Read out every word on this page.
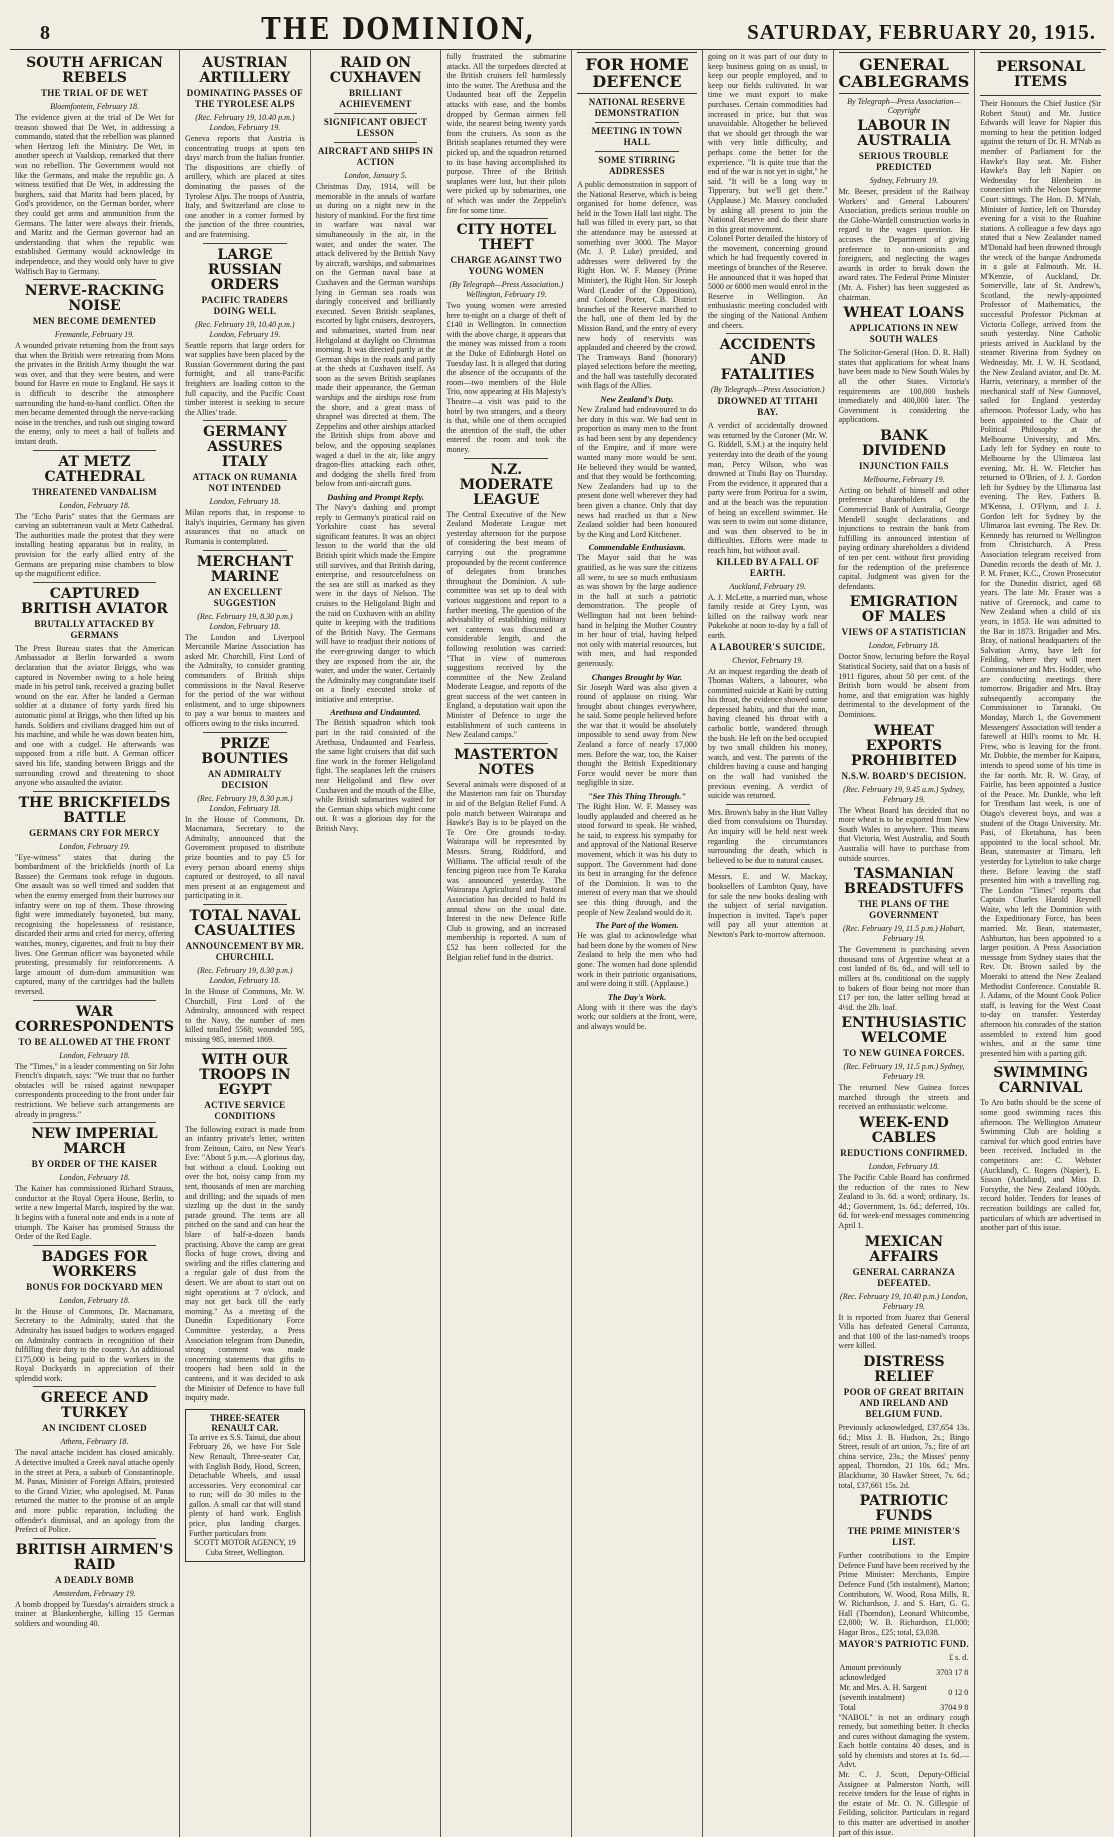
8	THE DOMINION,	SATURDAY, FEBRUARY 20, 1915.
SOUTH AFRICAN REBELS
THE TRIAL OF DE WET
Bloemfontein, February 18.

The evidence given at the trial of De Wet for treason showed that De Wet, in addressing a commando, stated that the rebellion was planned when Hertzog left the Ministry. De Wet, in another speech at Vaalskop, remarked that there was no rebellion. The Government would not like the Germans, and make the republic go. A witness testified that De Wet, in addressing the burghers, said that Maritz had been placed, by God's providence, on the German border, where they could get arms and ammunition from the Germans. The latter were always their friends, and Maritz and the German governor had an understanding that when the republic was established Germany would acknowledge its independence, and they would only have to give Walfisch Bay to Germany.

NERVE-RACKING NOISE
MEN BECOME DEMENTED
Fremantle, February 19.

A wounded private returning from the front says that when the British were retreating from Mons the privates in the British Army thought the war was over, and that they were beaten, and were bound for Havre en route to England. He says it is difficult to describe the atmosphere surrounding the hand-to-hand conflict. Often the men became demented through the nerve-racking noise in the trenches, and rush out singing toward the enemy, only to meet a hail of bullets and instant death.

AT METZ CATHEDRAL
THREATENED VANDALISM
London, February 18.

The "Echo Paris" states that the Germans are carving an subterranean vault at Metz Cathedral. The authorities made the protest that they were installing heating apparatus but in reality, in provision for the early allied entry of the Germans are preparing mine chambers to blow up the magnificent edifice.

CAPTURED BRITISH AVIATOR
BRUTALLY ATTACKED BY GERMANS

The Press Bureau states that the American Ambassador at Berlin forwarded a sworn declaration that the aviator Briggs, who was captured in November owing to a hole being made in his petrol tank, received a grazing bullet wound on the ear. After he landed a German soldier at a distance of forty yards fired his automatic pistol at Briggs, who then lifted up his hands. Soldiers and civilians dragged him out of his machine, and while he was down beaten him, and one with a cudgel. He afterwards was supposed from a rifle butt. A German officer saved his life, standing between Briggs and the surrounding crowd and threatening to shoot anyone who assaulted the aviator.

THE BRICKFIELDS BATTLE
GERMANS CRY FOR MERCY
London, February 19.

"Eye-witness" states that during the bombardment of the brickfields (north of La Bassee) the Germans took refuge in dugouts. One assault was so well timed and sudden that when the enemy emerged from their burrows our infantry were on top of them. Those throwing fight were immediately bayoneted, but many, recognising the hopelessness of resistance, discarded their arms and cried for mercy, offering watches, money, cigarettes, and fruit to buy their lives. One German officer was bayoneted while protesting, presumably for reinforcements. A large amount of dum-dum ammunition was captured, many of the cartridges had the bullets reversed.

WAR CORRESPONDENTS
TO BE ALLOWED AT THE FRONT
London, February 18.

The "Times," in a leader commenting on Sir John French's dispatch, says: "We trust that no further obstacles will be raised against newspaper correspondents proceeding to the front under fair restrictions. We believe such arrangements are already in progress."

NEW IMPERIAL MARCH
BY ORDER OF THE KAISER
London, February 18.

The Kaiser has commissioned Richard Strauss, conductor at the Royal Opera House, Berlin, to write a new Imperial March, inspired by the war. It begins with a funeral note and ends in a note of triumph. The Kaiser has promised Strauss the Order of the Red Eagle.

BADGES FOR WORKERS
BONUS FOR DOCKYARD MEN
London, February 18.

In the House of Commons, Dr. Macnamara, Secretary to the Admiralty, stated that the Admiralty has issued badges to workers engaged on Admiralty contracts in recognition of their fulfilling their duty to the country. An additional £175,000 is being paid to the workers in the Royal Dockyards in appreciation of their splendid work.

GREECE AND TURKEY
AN INCIDENT CLOSED
Athens, February 18.

The naval attache incident has closed amicably. A detective insulted a Greek naval attache openly in the street at Pera, a suburb of Constantinople. M. Panas, Minister of Foreign Affairs, protested to the Grand Vizier, who apologised. M. Panas returned the matter to the promise of an ample and more public reparation, including the offender's dismissal, and an apology from the Prefect of Police.

BRITISH AIRMEN'S RAID
A DEADLY BOMB
Amsterdam, February 19.

A bomb dropped by Tuesday's airraiders struck a trainer at Blankenberghe, killing 15 German soldiers and wounding 40.

AUSTRIAN ARTILLERY
DOMINATING PASSES OF THE TYROLESE ALPS
(Rec. February 19, 10.40 p.m.) London, February 19.

Geneva reports that Austria is concentrating troops at spots ten days' march from the Italian frontier. The dispositions are chiefly of artillery, which are placed at sites dominating the passes of the Tyrolese Alps. The troops of Austria, Italy, and Switzerland are close to one another in a corner formed by the junction of the three countries, and are fraternising.

LARGE RUSSIAN ORDERS
PACIFIC TRADERS DOING WELL
(Rec. February 19, 10.40 p.m.) London, February 19.

Seattle reports that large orders for war supplies have been placed by the Russian Government during the past fortnight, and all trans-Pacific freighters are loading cotton to the full capacity, and the Pacific Coast timber interest is seeking to secure the Allies' trade.

GERMANY ASSURES ITALY
ATTACK ON RUMANIA NOT INTENDED
London, February 18.

Milan reports that, in response to Italy's inquiries, Germany has given assurances that no attack on Rumania is contemplated.

MERCHANT MARINE
AN EXCELLENT SUGGESTION
(Rec. February 19, 8.30 p.m.) London, February 18.

The London and Liverpool Mercantile Marine Association has asked Mr. Churchill, First Lord of the Admiralty, to consider granting commanders of British ships commissions in the Naval Reserve for the period of the war without enlistment, and to urge shipowners to pay a war bonus to masters and officers owing to the risks incurred.

PRIZE BOUNTIES
AN ADMIRALTY DECISION
(Rec. February 19, 8.30 p.m.) London, February 18.

In the House of Commons, Dr. Macnamara, Secretary to the Admiralty, announced that the Government proposed to distribute prize bounties and to pay £5 for every person aboard enemy ships captured or destroyed, to all naval men present at an engagement and participating in it.

TOTAL NAVAL CASUALTIES
ANNOUNCEMENT BY MR. CHURCHILL
(Rec. February 19, 8.30 p.m.) London, February 18.

In the House of Commons, Mr. W. Churchill, First Lord of the Admiralty, announced with respect to the Navy, the number of men killed totalled 5568; wounded 595, missing 985, interned 1869.

WITH OUR TROOPS IN EGYPT
ACTIVE SERVICE CONDITIONS

The following extract is made from an infantry private's letter, written from Zeitoun, Cairo, on New Year's Eve: "About 5 p.m.—A glorious day, but without a cloud. Looking out over the hot, noisy camp from my tent, thousands of men are marching and drilling; and the squads of men sizzling up the dust in the sandy parade ground. The tents are all pitched on the sand and can hear the blare of half-a-dozen bands practising. Above the camp are great flocks of huge crows, diving and swirling and the rifles clattering and a regular gale of dust from the desert. We are about to start out on night operations at 7 o'clock, and may not get back till the early morning." As a meeting of the Dunedin Expeditionary Force Committee yesterday, a Press Association telegram from Dunedin, strong comment was made concerning statements that gifts to troopers had been sold in the canteens, and it was decided to ask the Minister of Defence to have full inquiry made.

THREE-SEATER RENAULT CAR.

To arrive ex S.S. Tainui, due about February 26, we have For Sale New Renault, Three-seater Car, with English Body, Hood, Screen, Detachable Wheels, and usual accessories. Very economical car to run; will do 30 miles to the gallon. A small car that will stand plenty of hard work. English price, plus landing charges. Further particulars from

SCOTT MOTOR AGENCY, 19 Cuba Street, Wellington.
RAID ON CUXHAVEN
BRILLIANT ACHIEVEMENT
SIGNIFICANT OBJECT LESSON
AIRCRAFT AND SHIPS IN ACTION
London, January 5.

Christmas Day, 1914, will be memorable in the annals of warfare as during on a night new in the history of mankind. For the first time in warfare was naval war simultaneously in the air, in the water, and under the water. The attack delivered by the British Navy by aircraft, warships, and submarines on the German naval base at Cuxhaven and the German warships lying in German sea roads was daringly conceived and brilliantly executed. Seven British seaplanes, escorted by light cruisers, destroyers, and submarines, started from near Heligoland at daylight on Christmas morning. It was directed partly at the German ships in the roads and partly at the sheds at Cuxhaven itself. As soon as the seven British seaplanes made their appearance, the German warships and the airships rose from the shore, and a great mass of shrapnel was directed at them. The Zeppelins and other airships attacked the British ships from above and below, and the opposing seaplanes waged a duel in the air, like angry dragon-flies attacking each other, and dodging the shells fired from below from anti-aircraft guns.

Dashing and Prompt Reply.

The Navy's dashing and prompt reply to Germany's piratical raid on Yorkshire coast has several significant features. It was an object lesson to the world that the old British spirit which made the Empire still survives, and that British daring, enterprise, and resourcefulness on the sea are still as marked as they were in the days of Nelson. The cruises to the Heligoland Bight and the raid on Cuxhaven with an ability quite in keeping with the traditions of the British Navy. The Germans will have to readjust their notions of the ever-growing danger to which they are exposed from the air, the water, and under the water. Certainly the Admiralty may congratulate itself on a finely executed stroke of initiative and enterprise.

Arethusa and Undaunted.

The British squadron which took part in the raid consisted of the Arethusa, Undaunted and Fearless, the same light cruisers that did such fine work in the former Heligoland fight. The seaplanes left the cruisers near Heligoland and flew over Cuxhaven and the mouth of the Elbe, while British submarines waited for the German ships which might come out. It was a glorious day for the British Navy.

fully frustrated the submarine attacks. All the torpedoes directed at the British cruisers fell harmlessly into the water. The Arethusa and the Undaunted beat off the Zeppelin attacks with ease, and the bombs dropped by German airmen fell wide, the nearest being twenty yards from the cruisers. As soon as the British seaplanes returned they were picked up, and the squadron returned to its base having accomplished its purpose. Three of the British seaplanes were lost, but their pilots were picked up by submarines, one of which was under the Zeppelin's fire for some time.

CITY HOTEL THEFT
CHARGE AGAINST TWO YOUNG WOMEN
(By Telegraph—Press Association.) Wellington, February 19.

Two young women were arrested here to-night on a charge of theft of £140 in Wellington. In connection with the above charge, it appears that the money was missed from a room at the Duke of Edinburgh Hotel on Tuesday last. It is alleged that during the absence of the occupants of the room—two members of the Hole Trio, now appearing at His Majesty's Theatre—a visit was paid to the hotel by two strangers, and a theory is that, while one of them occupied the attention of the staff, the other entered the room and took the money.

N.Z. MODERATE LEAGUE

The Central Executive of the New Zealand Moderate League met yesterday afternoon for the purpose of considering the best means of carrying out the programme propounded by the recent conference of delegates from branches throughout the Dominion. A sub-committee was set up to deal with various suggestions and report to a further meeting. The question of the advisability of establishing military wet canteens was discussed at considerable length, and the following resolution was carried: "That in view of numerous suggestions received by the committee of the New Zealand Moderate League, and reports of the great success of the wet canteen in England, a deputation wait upon the Minister of Defence to urge the establishment of such canteens in New Zealand camps."

MASTERTON NOTES

Several animals were disposed of at the Masterton ram fair on Thursday in aid of the Belgian Relief Fund. A polo match between Wairarapa and Hawke's Bay is to be played on the Te Ore Ore grounds to-day. Wairarapa will be represented by Messrs. Strang, Riddiford, and Williams. The official result of the fencing pigeon race from Te Karaka was announced yesterday. The Wairarapa Agricultural and Pastoral Association has decided to hold its annual show on the usual date. Interest in the new Defence Rifle Club is growing, and an increased membership is reported. A sum of £52 has been collected for the Belgian relief fund in the district.

FOR HOME DEFENCE
NATIONAL RESERVE DEMONSTRATION
MEETING IN TOWN HALL
SOME STIRRING ADDRESSES

A public demonstration in support of the National Reserve, which is being organised for home defence, was held in the Town Hall last night. The hall was filled in every part, so that the attendance may be assessed at something over 3000. The Mayor (Mr. J. P. Luke) presided, and addresses were delivered by the Right Hon. W. F. Massey (Prime Minister), the Right Hon. Sir Joseph Ward (Leader of the Opposition), and Colonel Porter, C.B. District branches of the Reserve marched to the hall, one of them led by the Mission Band, and the entry of every new body of reservists was applauded and cheered by the crowd. The Tramways Band (honorary) played selections before the meeting, and the hall was tastefully decorated with flags of the Allies.

New Zealand's Duty.

New Zealand had endeavoured to do her duty in this war. We had sent in proportion as many men to the front as had been sent by any dependency of the Empire, and if more were wanted many more would be sent. He believed they would be wanted, and that they would be forthcoming. New Zealanders had up to the present done well wherever they had been given a chance. Only that day news had reached us that a New Zealand soldier had been honoured by the King and Lord Kitchener.

Commendable Enthusiasm.

The Mayor said that he was gratified, as he was sure the citizens all were, to see so much enthusiasm as was shown by the large audience in the hall at such a patriotic demonstration. The people of Wellington had not been behind-hand in helping the Mother Country in her hour of trial, having helped not only with material resources, but with men, and had responded generously.

Changes Brought by War.

Sir Joseph Ward was also given a round of applause on rising. War brought about changes everywhere, he said. Some people believed before the war that it would be absolutely impossible to send away from New Zealand a force of nearly 17,000 men. Before the war, too, the Kaiser thought the British Expeditionary Force would never be more than negligible in size.

"See This Thing Through."

The Right Hon. W. F. Massey was loudly applauded and cheered as he stood forward to speak. He wished, he said, to express his sympathy for and approval of the National Reserve movement, which it was his duty to support. The Government had done its best in arranging for the defence of the Dominion. It was to the interest of every man that we should see this thing through, and the people of New Zealand would do it.

The Part of the Women.

He was glad to acknowledge what had been done by the women of New Zealand to help the men who had gone. The women had done splendid work in their patriotic organisations, and were doing it still. (Applause.)

The Day's Work.

Along with it there was the day's work; our soldiers at the front, were, and always would be.

going on it was part of our duty to keep business going on as usual, to keep our people employed, and to keep our fields cultivated. In war time we must export to make purchases. Certain commodities had increased in price, but that was unavoidable. Altogether he believed that we should get through the war with very little difficulty, and perhaps come the better for the experience. "It is quite true that the end of the war is not yet in sight," he said. "It will be a long way to Tipperary, but we'll get there." (Applause.) Mr. Massey concluded by asking all present to join the National Reserve and do their share in this great movement.

Colonel Porter detailed the history of the movement, concerning ground which he had frequently covered in meetings of branches of the Reserve. He announced that it was hoped that 5000 or 6000 men would enrol in the Reserve in Wellington. An enthusiastic meeting concluded with the singing of the National Anthem and cheers.

ACCIDENTS AND FATALITIES
(By Telegraph—Press Association.)
DROWNED AT TITAHI BAY.

A verdict of accidentally drowned was returned by the Coroner (Mr. W. G. Riddell, S.M.) at the inquiry held yesterday into the death of the young man, Percy Wilson, who was drowned at Titahi Bay on Thursday. From the evidence, it appeared that a party were from Porirua for a swim, and at the beach was the reputation of being an excellent swimmer. He was seen to swim out some distance, and was then observed to be in difficulties. Efforts were made to reach him, but without avail.

KILLED BY A FALL OF EARTH.
Auckland, February 19.

A. J. McLette, a married man, whose family reside at Grey Lynn, was killed on the railway work near Pukekohe at noon to-day by a fall of earth.

A LABOURER'S SUICIDE.
Cheviot, February 19.

At an inquest regarding the death of Thomas Walters, a labourer, who committed suicide at Kaiti by cutting his throat, the evidence showed some depressed habits, and that the man, having cleaned his throat with a carbolic bottle, wandered through the bush. He left on the bed occupied by two small children his money, watch, and vest. The parents of the children having a cause and hanging on the wall had vanished the previous evening. A verdict of suicide was returned.

Mrs. Brown's baby in the Hutt Valley died from convulsions on Thursday. An inquiry will be held next week regarding the circumstances surrounding the death, which is believed to be due to natural causes.

Messrs. E. and W. Mackay, booksellers of Lambton Quay, have for sale the new books dealing with the subject of serial navigation. Inspection is invited. Tape's paper will pay all your attention at Newton's Park to-morrow afternoon.

GENERAL CABLEGRAMS
By Telegraph—Press Association—Copyright
LABOUR IN AUSTRALIA
SERIOUS TROUBLE PREDICTED
Sydney, February 19.

Mr. Beeser, president of the Railway Workers' and General Labourers' Association, predicts serious trouble on the Globe-Wardell construction works in regard to the wages question. He accuses the Department of giving preference to non-unionists and foreigners, and neglecting the wages awards in order to break down the award rates. The Federal Prime Minister (Mr. A. Fisher) has been suggested as chairman.

WHEAT LOANS
APPLICATIONS IN NEW SOUTH WALES

The Solicitor-General (Hon. D. R. Hall) states that applications for wheat loans have been made to New South Wales by all the other States. Victoria's requirements are 100,000 bushels immediately and 400,000 later. The Government is considering the applications.

BANK DIVIDEND
INJUNCTION FAILS
Melbourne, February 19.

Acting on behalf of himself and other preference shareholders of the Commercial Bank of Australia, George Mendell sought declarations and injunctions to restrain the bank from fulfilling its announced intention of paying ordinary shareholders a dividend of ten per cent. without first providing for the redemption of the preference capital. Judgment was given for the defendants.

EMIGRATION OF MALES
VIEWS OF A STATISTICIAN
London, February 18.

Doctor Snow, lecturing before the Royal Statistical Society, said that on a basis of 1911 figures, about 50 per cent. of the British born would be absent from home, and that emigration was highly detrimental to the development of the Dominions.

WHEAT EXPORTS PROHIBITED
N.S.W. BOARD'S DECISION.
(Rec. February 19, 9.45 a.m.) Sydney, February 19.

The Wheat Board has decided that no more wheat is to be exported from New South Wales to anywhere. This means that Victoria, West Australia, and South Australia will have to purchase from outside sources.

TASMANIAN BREADSTUFFS
THE PLANS OF THE GOVERNMENT
(Rec. February 19, 11.5 p.m.) Hobart, February 19.

The Government is purchasing seven thousand tons of Argentine wheat at a cost landed of 8s. 6d., and will sell to millers at 8s. conditional on the supply to bakers of flour being not more than £17 per ton, the latter selling bread at 4½d. the 2lb. loaf.

ENTHUSIASTIC WELCOME
TO NEW GUINEA FORCES.
(Rec. February 19, 11.5 p.m.) Sydney, February 19.

The returned New Guinea forces marched through the streets and received an enthusiastic welcome.

WEEK-END CABLES
REDUCTIONS CONFIRMED.
London, February 18.

The Pacific Cable Board has confirmed the reduction of the rates to New Zealand to 3s. 6d. a word; ordinary, 1s. 4d.; Government, 1s. 6d.; deferred, 10s. 6d. for week-end messages commencing April 1.

MEXICAN AFFAIRS
GENERAL CARRANZA DEFEATED.
(Rec. February 19, 10.40 p.m.) London, February 19.

It is reported from Juarez that General Villa has defeated General Carranza, and that 100 of the last-named's troops were killed.

DISTRESS RELIEF
POOR OF GREAT BRITAIN AND IRELAND AND BELGIUM FUND.

Previously acknowledged, £37,654 13s. 6d.; Miss J. B. Hudson, 2s.; Bingo Street, result of art union, 7s.; fire of art china service, 23s.; the Misses' penny appeal, Thorndon, 21 10s. 6d.; Mrs. Blackburne, 30 Hawker Street, 7s. 6d.; total, £37,661 15s. 2d.

PATRIOTIC FUNDS
THE PRIME MINISTER'S LIST.

Further contributions to the Empire Defence Fund have been received by the Prime Minister: Merchants, Empire Defence Fund (5th instalment), Marton; Contributors, W. Wood, Rosa Mills, R. W. Richardson, J. and S. Hart, G. G. Hall (Thorndon), Leonard Whitcombe, £2,000; W. B. Richardson, £1,000; Hagar Bros., £25; total, £3,038.

MAYOR'S PATRIOTIC FUND.
	£ s. d.
Amount previously acknowledged	3703 17 8
Mr. and Mrs. A. H. Sargent (seventh instalment)	0 12 0
Total	3704 9 8

"NABOL" is not an ordinary cough remedy, but something better. It checks and cures without damaging the system. Each bottle contains 40 doses, and is sold by chemists and stores at 1s. 6d.—Advt.

Mr. C. J. Scott, Deputy-Official Assignee at Palmerston North, will receive tenders for the lease of rights in the estate of Mr. O. N. Gillespie of Feilding, solicitor. Particulars in regard to this matter are advertised in another part of this issue.

PERSONAL ITEMS

Their Honours the Chief Justice (Sir Robert Stout) and Mr. Justice Edwards will leave for Napier this morning to hear the petition lodged against the return of Dr. H. M'Nab as member of Parliament for the Hawke's Bay seat. Mr. Fisher Hawke's Bay left Napier on Wednesday for Blenheim in connection with the Nelson Supreme Court sittings. The Hon. D. M'Nab, Minister of Justice, left on Thursday evening for a visit to the Ruahine stations. A colleague a few days ago stated that a New Zealander named M'Donald had been drowned through the wreck of the barque Andromeda in a gale at Falmouth. Mr. H. M'Kenzie, of Auckland, Dr. Somerville, late of St. Andrew's, Scotland, the newly-appointed Professor of Mathematics, the successful Professor Pickman at Victoria College, arrived from the south yesterday. Nine Catholic priests arrived in Auckland by the steamer Riverina from Sydney on Wednesday. Mr. J. W. H. Scotland, the New Zealand aviator, and Dr. M. Harris, veterinary, a member of the mechanical staff of New Gunnovel, sailed for England yesterday afternoon. Professor Lady, who has been appointed to the Chair of Political Philosophy at the Melbourne University, and Mrs. Lady left for Sydney en route to Melbourne by the Ulimaroa last evening. Mr. H. W. Fletcher has returned to O'Brien, of J. J. Gordon left for Sydney by the Ulimaroa last evening. The Rev. Fathers B. M'Kenna, J. O'Flynn, and J. J. Gordon left for Sydney by the Ulimaroa last evening. The Rev. Dr. Kennedy has returned to Wellington from Christchurch. A Press Association telegram received from Dunedin records the death of Mr. J. P. M. Fraser, K.C., Crown Prosecutor for the Dunedin district, aged 68 years. The late Mr. Fraser was a native of Greenock, and came to New Zealand when a child of six years, in 1853. He was admitted to the Bar in 1873. Brigadier and Mrs. Bray, of national headquarters of the Salvation Army, have left for Feilding, where they will meet Commissioner and Mrs. Hodder, who are conducting meetings there tomorrow. Brigadier and Mrs. Bray subsequently accompany the Commissioner to Taranaki. On Monday, March 1, the Government Messengers' Association will tender a farewell at Hill's rooms to Mr. H. Frew, who is leaving for the front. Mr. Dobbie, the member for Kaipara, intends to spend some of his time in the far north. Mr. R. W. Gray, of Fairlie, has been appointed a Justice of the Peace. Mr. Dunkle, who left for Trentham last week, is one of Otago's cleverest boys, and was a student of the Otago University. Mr. Pasi, of Eketahuna, has been appointed to the local school. Mr. Bean, statemaster at Timaru, left yesterday for Lyttelton to take charge there. Before leaving the staff presented him with a travelling rug. The London "Times" reports that Captain Charles Harold Reynell Waite, who left the Dominion with the Expeditionary Force, has been married. Mr. Bean, statemaster, Ashburton, has been appointed to a larger position. A Press Association message from Sydney states that the Rev. Dr. Brown sailed by the Moeraki to attend the New Zealand Methodist Conference. Constable R. J. Adams, of the Mount Cook Police staff, is leaving for the West Coast to-day on transfer. Yesterday afternoon his comrades of the station assembled to extend him good wishes, and at the same time presented him with a parting gift.

SWIMMING CARNIVAL

To Aro baths should be the scene of some good swimming races this afternoon. The Wellington Amateur Swimming Club are holding a carnival for which good entries have been received. Included in the competitors are: C. Webster (Auckland), C. Rogers (Napier), E. Sisson (Auckland), and Miss D. Forsythe, the New Zealand 100yds. record holder. Tenders for leases of recreation buildings are called for, particulars of which are advertised in another part of this issue.
